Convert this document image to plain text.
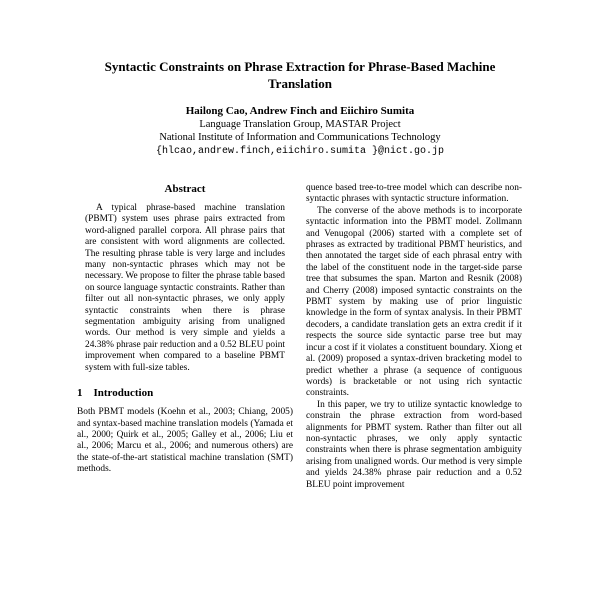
Syntactic Constraints on Phrase Extraction for Phrase-Based Machine Translation
Hailong Cao, Andrew Finch and Eiichiro Sumita
Language Translation Group, MASTAR Project
National Institute of Information and Communications Technology
{hlcao,andrew.finch,eiichiro.sumita }@nict.go.jp
Abstract

A typical phrase-based machine translation (PBMT) system uses phrase pairs extracted from word-aligned parallel corpora. All phrase pairs that are consistent with word alignments are collected. The resulting phrase table is very large and includes many non-syntactic phrases which may not be necessary. We propose to filter the phrase table based on source language syntactic constraints. Rather than filter out all non-syntactic phrases, we only apply syntactic constraints when there is phrase segmentation ambiguity arising from unaligned words. Our method is very simple and yields a 24.38% phrase pair reduction and a 0.52 BLEU point improvement when compared to a baseline PBMT system with full-size tables.

1 Introduction

Both PBMT models (Koehn et al., 2003; Chiang, 2005) and syntax-based machine translation models (Yamada et al., 2000; Quirk et al., 2005; Galley et al., 2006; Liu et al., 2006; Marcu et al., 2006; and numerous others) are the state-of-the-art statistical machine translation (SMT) methods.

quence based tree-to-tree model which can describe non-syntactic phrases with syntactic structure information.

The converse of the above methods is to incorporate syntactic information into the PBMT model. Zollmann and Venugopal (2006) started with a complete set of phrases as extracted by traditional PBMT heuristics, and then annotated the target side of each phrasal entry with the label of the constituent node in the target-side parse tree that subsumes the span. Marton and Resnik (2008) and Cherry (2008) imposed syntactic constraints on the PBMT system by making use of prior linguistic knowledge in the form of syntax analysis. In their PBMT decoders, a candidate translation gets an extra credit if it respects the source side syntactic parse tree but may incur a cost if it violates a constituent boundary. Xiong et al. (2009) proposed a syntax-driven bracketing model to predict whether a phrase (a sequence of contiguous words) is bracketable or not using rich syntactic constraints.

In this paper, we try to utilize syntactic knowledge to constrain the phrase extraction from word-based alignments for PBMT system. Rather than filter out all non-syntactic phrases, we only apply syntactic constraints when there is phrase segmentation ambiguity arising from unaligned words. Our method is very simple and yields 24.38% phrase pair reduction and a 0.52 BLEU point improvement
